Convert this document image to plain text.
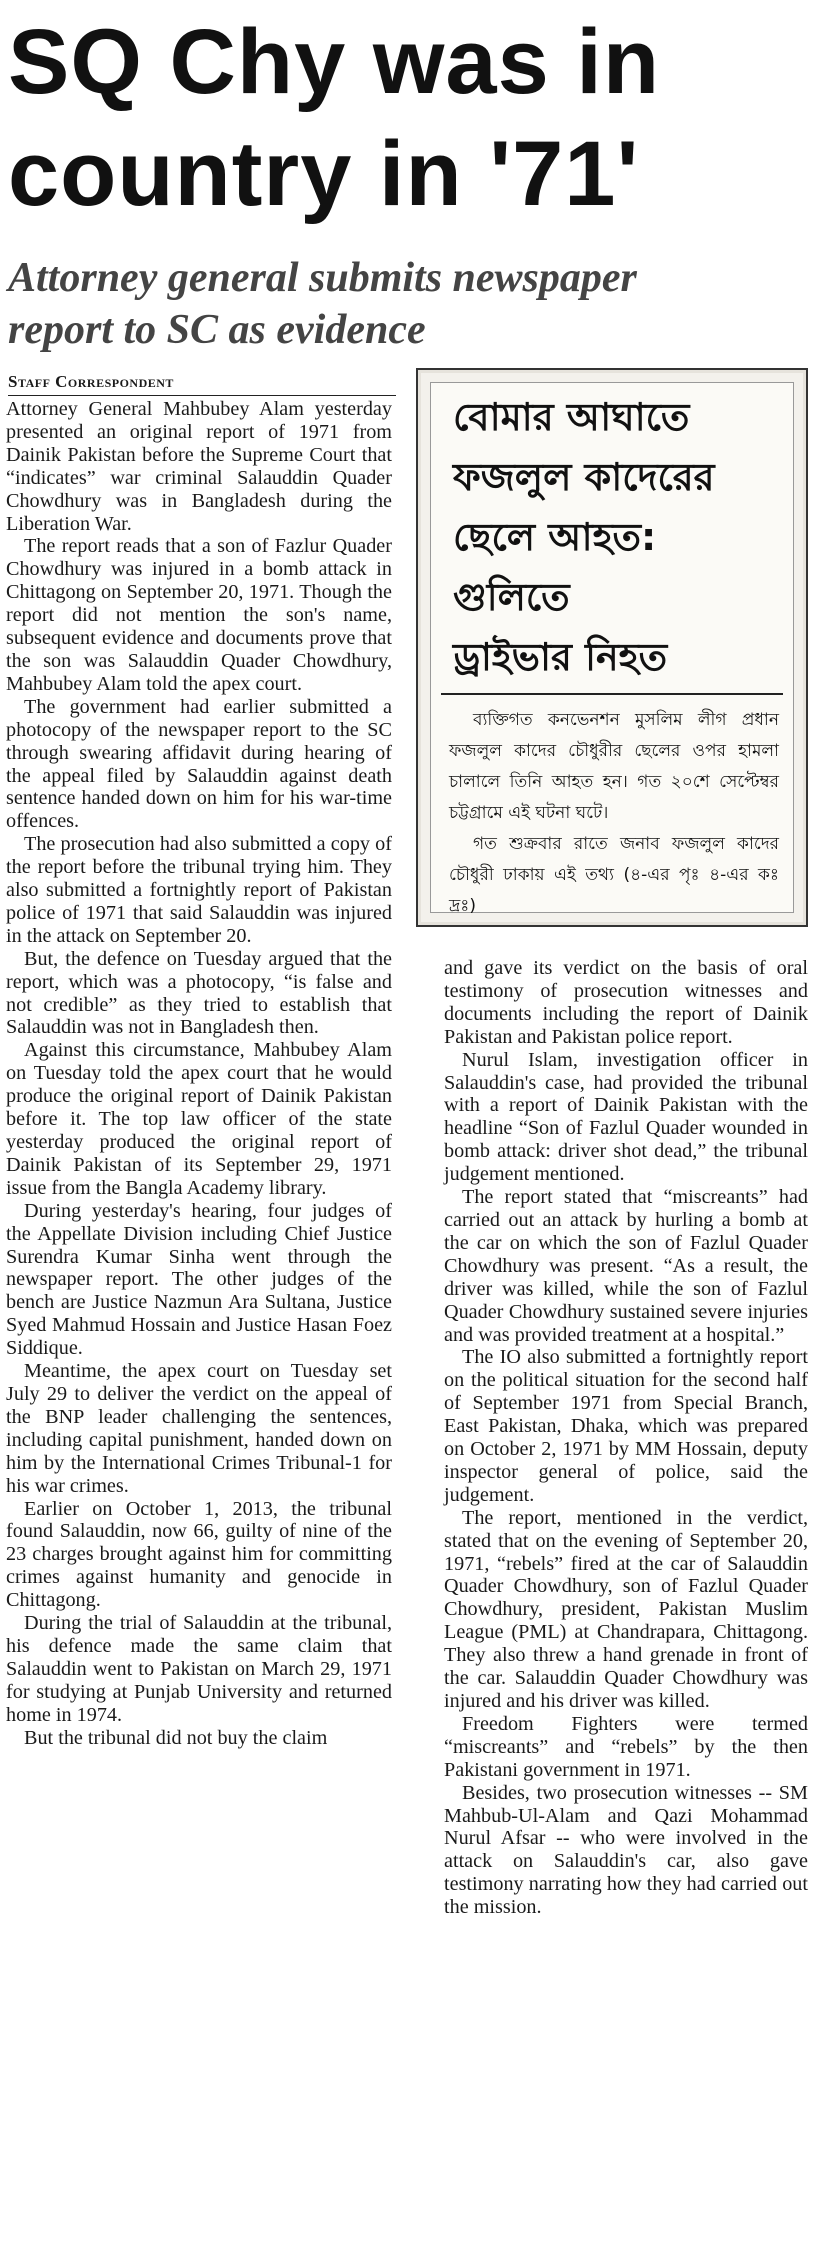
SQ Chy was in
country in '71'
Attorney general submits newspaper
report to SC as evidence
Staff Correspondent
বোমার আঘাতে
ফজলুল কাদেরের
ছেলে আহত:
গুলিতে
ড্রাইভার নিহত

ব্যক্তিগত কনভেনশন মুসলিম লীগ প্রধান ফজলুল কাদের চৌধুরীর ছেলের ওপর হামলা চালালে তিনি আহত হন। গত ২০শে সেপ্টেম্বর চট্টগ্রামে এই ঘটনা ঘটে।

গত শুক্রবার রাতে জনাব ফজলুল কাদের চৌধুরী ঢাকায় এই তথ্য (৪-এর পৃঃ ৪-এর কঃ দ্রঃ)

Attorney General Mahbubey Alam yesterday presented an original report of 1971 from Dainik Pakistan before the Supreme Court that “indicates” war criminal Salauddin Quader Chowdhury was in Bangladesh during the Liberation War.

The report reads that a son of Fazlur Quader Chowdhury was injured in a bomb attack in Chittagong on September 20, 1971. Though the report did not mention the son's name, subsequent evidence and documents prove that the son was Salauddin Quader Chowdhury, Mahbubey Alam told the apex court.

The government had earlier submitted a photocopy of the newspaper report to the SC through swearing affidavit during hearing of the appeal filed by Salauddin against death sentence handed down on him for his war-time offences.

The prosecution had also submitted a copy of the report before the tribunal trying him. They also submitted a fortnightly report of Pakistan police of 1971 that said Salauddin was injured in the attack on September 20.

But, the defence on Tuesday argued that the report, which was a photocopy, “is false and not credible” as they tried to establish that Salauddin was not in Bangladesh then.

Against this circumstance, Mahbubey Alam on Tuesday told the apex court that he would produce the original report of Dainik Pakistan before it. The top law officer of the state yesterday produced the original report of Dainik Pakistan of its September 29, 1971 issue from the Bangla Academy library.

During yesterday's hearing, four judges of the Appellate Division including Chief Justice Surendra Kumar Sinha went through the newspaper report. The other judges of the bench are Justice Nazmun Ara Sultana, Justice Syed Mahmud Hossain and Justice Hasan Foez Siddique.

Meantime, the apex court on Tuesday set July 29 to deliver the verdict on the appeal of the BNP leader challenging the sentences, including capital punishment, handed down on him by the International Crimes Tribunal-1 for his war crimes.

Earlier on October 1, 2013, the tribunal found Salauddin, now 66, guilty of nine of the 23 charges brought against him for committing crimes against humanity and genocide in Chittagong.

During the trial of Salauddin at the tribunal, his defence made the same claim that Salauddin went to Pakistan on March 29, 1971 for studying at Punjab University and returned home in 1974.

But the tribunal did not buy the claim

and gave its verdict on the basis of oral testimony of prosecution witnesses and documents including the report of Dainik Pakistan and Pakistan police report.

Nurul Islam, investigation officer in Salauddin's case, had provided the tribunal with a report of Dainik Pakistan with the headline “Son of Fazlul Quader wounded in bomb attack: driver shot dead,” the tribunal judgement mentioned.

The report stated that “miscreants” had carried out an attack by hurling a bomb at the car on which the son of Fazlul Quader Chowdhury was present. “As a result, the driver was killed, while the son of Fazlul Quader Chowdhury sustained severe injuries and was provided treatment at a hospital.”

The IO also submitted a fortnightly report on the political situation for the second half of September 1971 from Special Branch, East Pakistan, Dhaka, which was prepared on October 2, 1971 by MM Hossain, deputy inspector general of police, said the judgement.

The report, mentioned in the verdict, stated that on the evening of September 20, 1971, “rebels” fired at the car of Salauddin Quader Chowdhury, son of Fazlul Quader Chowdhury, president, Pakistan Muslim League (PML) at Chandrapara, Chittagong. They also threw a hand grenade in front of the car. Salauddin Quader Chowdhury was injured and his driver was killed.

Freedom Fighters were termed “miscreants” and “rebels” by the then Pakistani government in 1971.

Besides, two prosecution witnesses -- SM Mahbub-Ul-Alam and Qazi Mohammad Nurul Afsar -- who were involved in the attack on Salauddin's car, also gave testimony narrating how they had carried out the mission.
